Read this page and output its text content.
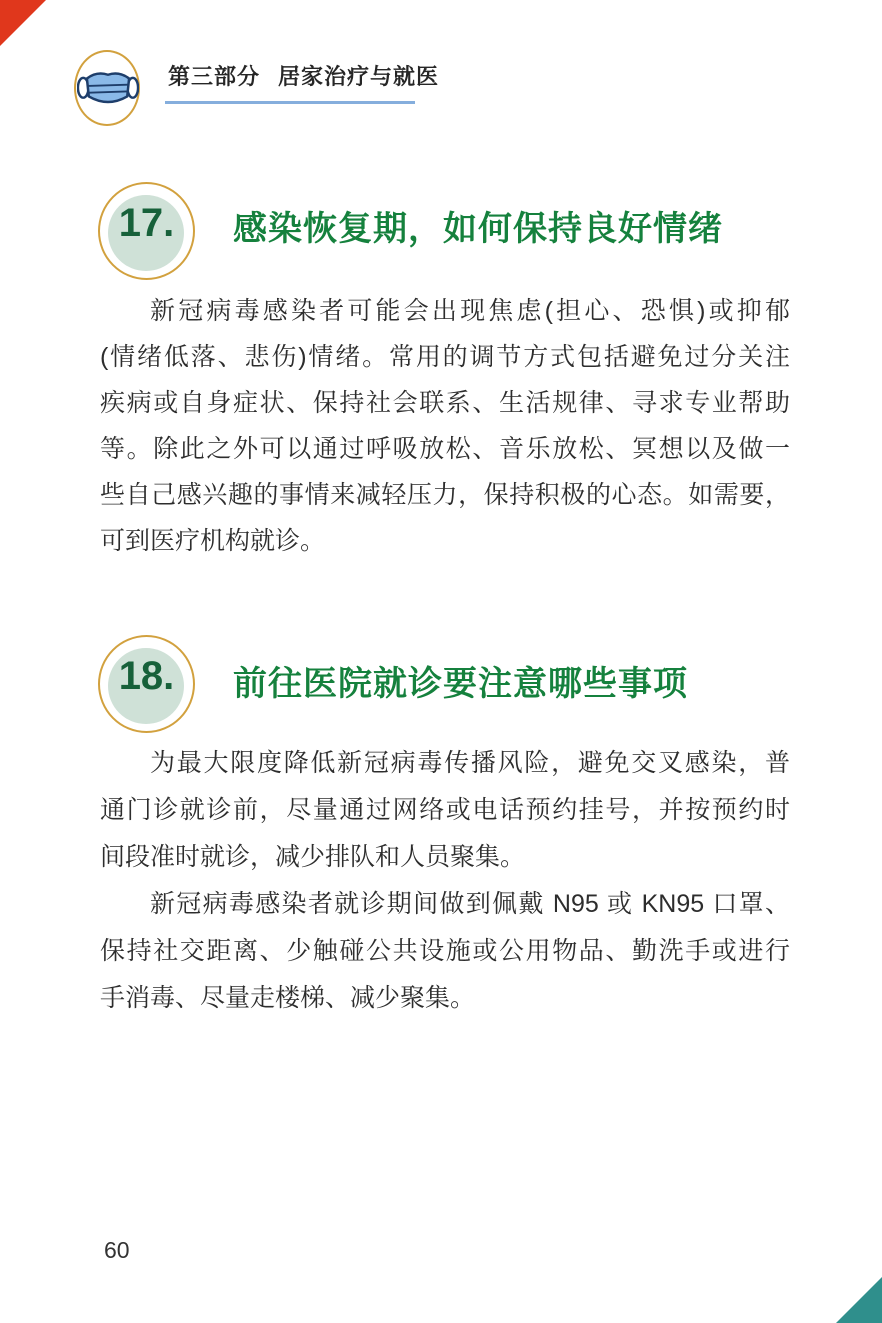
第三部分 居家治疗与就医
17.	感染恢复期，如何保持良好情绪
新冠病毒感染者可能会出现焦虑(担心、恐惧)或抑郁
(情绪低落、悲伤)情绪。常用的调节方式包括避免过分关注
疾病或自身症状、保持社会联系、生活规律、寻求专业帮助
等。除此之外可以通过呼吸放松、音乐放松、冥想以及做一
些自己感兴趣的事情来减轻压力，保持积极的心态。如需要，
可到医疗机构就诊。
18.	前往医院就诊要注意哪些事项
为最大限度降低新冠病毒传播风险，避免交叉感染，普
通门诊就诊前，尽量通过网络或电话预约挂号，并按预约时
间段准时就诊，减少排队和人员聚集。
新冠病毒感染者就诊期间做到佩戴 N95 或 KN95 口罩、
保持社交距离、少触碰公共设施或公用物品、勤洗手或进行
手消毒、尽量走楼梯、减少聚集。
60
